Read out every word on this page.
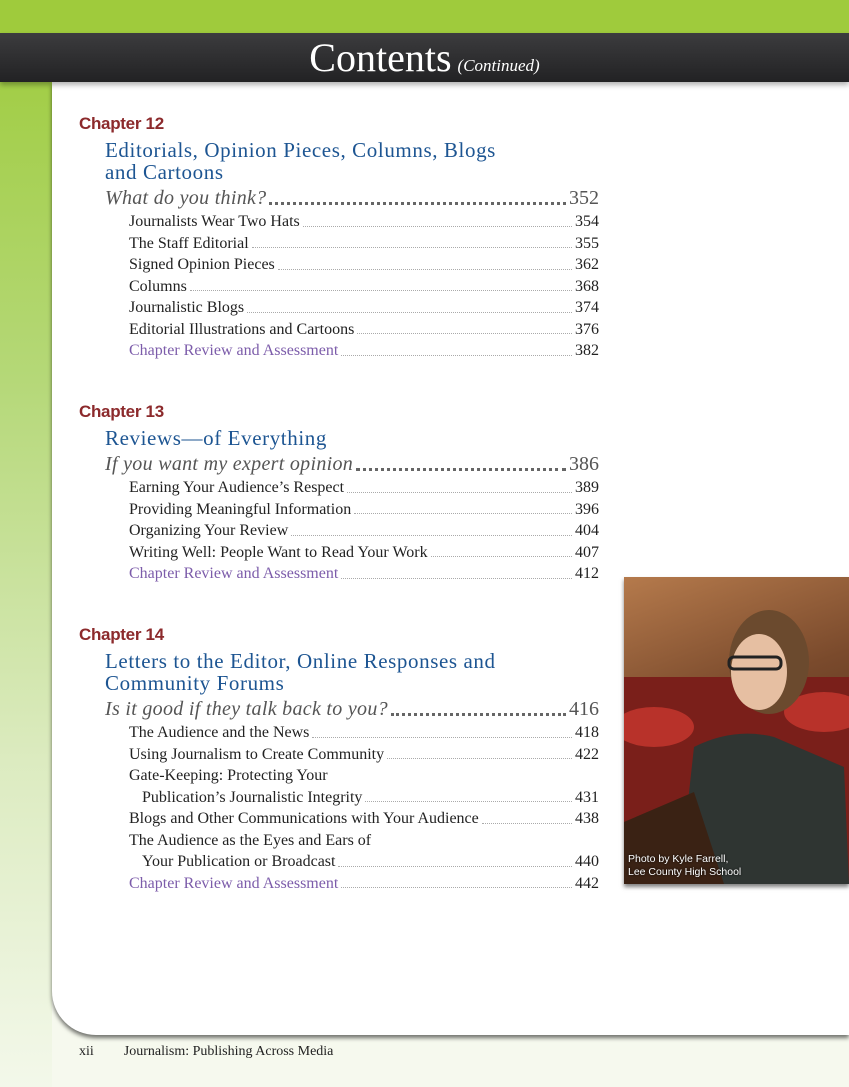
Contents (Continued)
Chapter 12
Editorials, Opinion Pieces, Columns, Blogs
and Cartoons
What do you think?	352
Journalists Wear Two Hats	354
The Staff Editorial	355
Signed Opinion Pieces	362
Columns	368
Journalistic Blogs	374
Editorial Illustrations and Cartoons	376
Chapter Review and Assessment	382
Chapter 13
Reviews—of Everything
If you want my expert opinion	386
Earning Your Audience’s Respect	389
Providing Meaningful Information	396
Organizing Your Review	404
Writing Well: People Want to Read Your Work	407
Chapter Review and Assessment	412
Chapter 14
Letters to the Editor, Online Responses and
Community Forums
Is it good if they talk back to you?	416
The Audience and the News	418
Using Journalism to Create Community	422
Gate-Keeping: Protecting Your
Publication’s Journalistic Integrity	431
Blogs and Other Communications with Your Audience	438
The Audience as the Eyes and Ears of
Your Publication or Broadcast	440
Chapter Review and Assessment	442
Photo by Kyle Farrell,
Lee County High School
xii Journalism: Publishing Across Media
